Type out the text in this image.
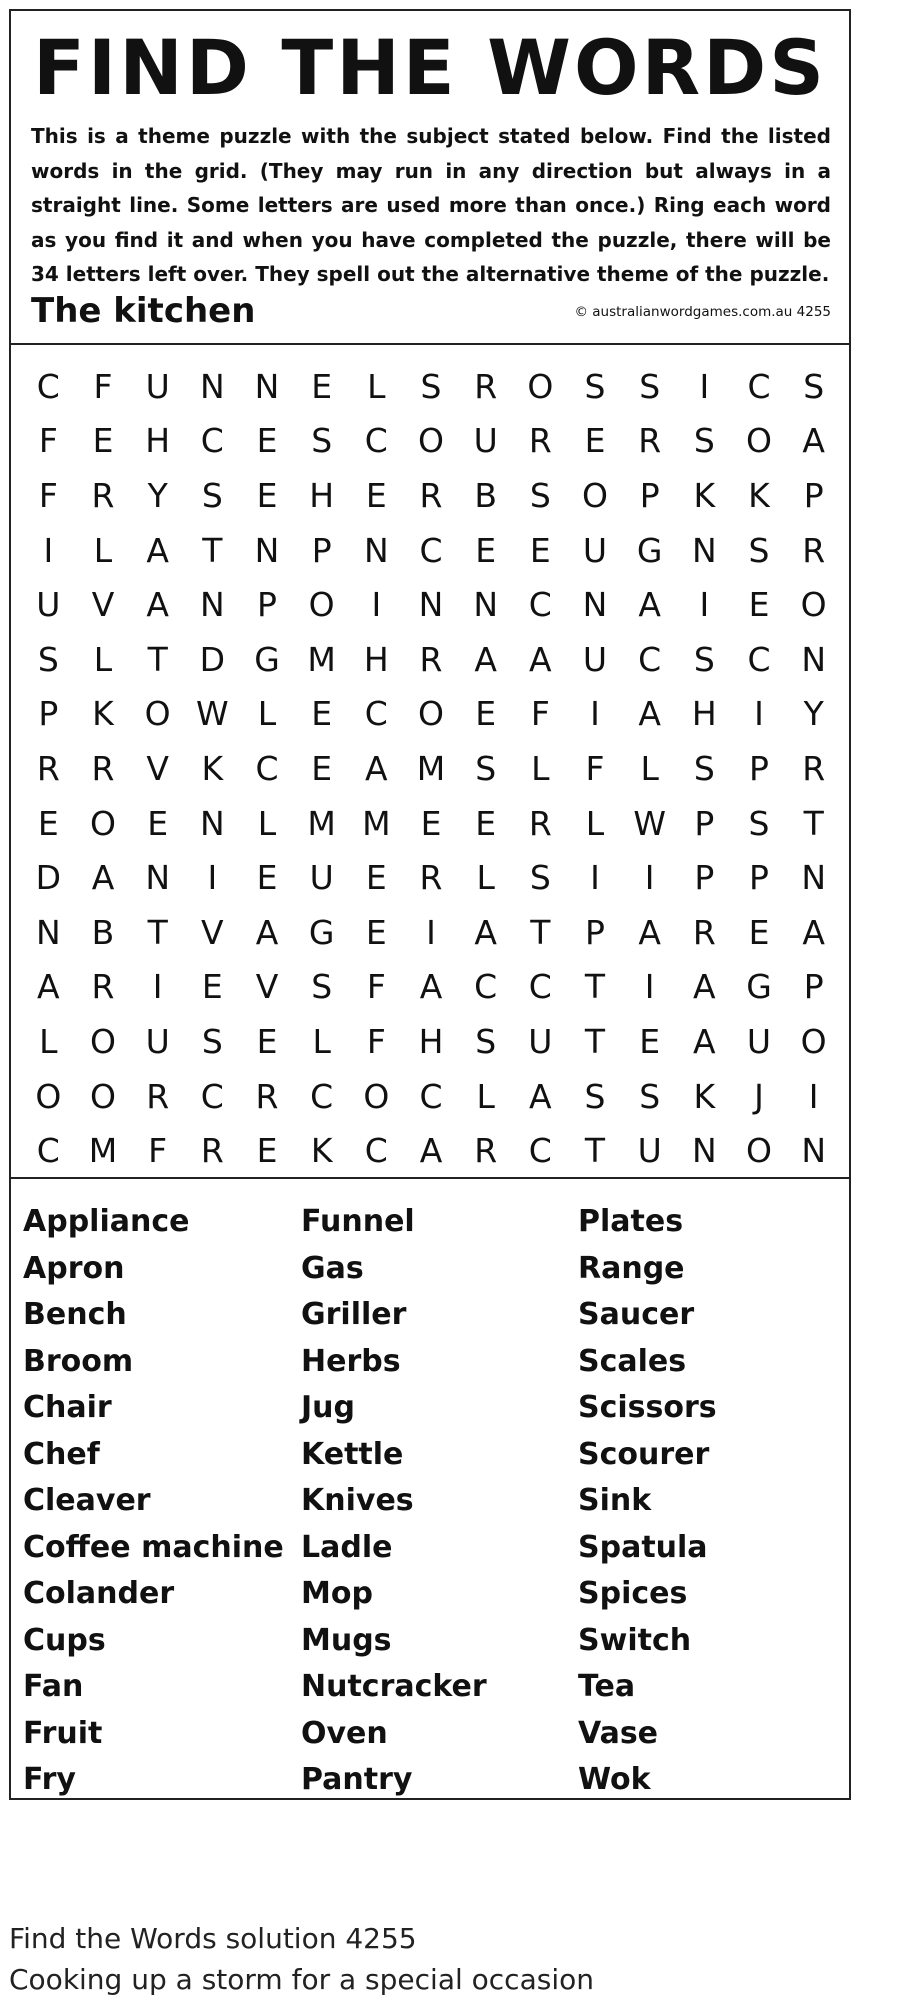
FIND THE WORDS

This is a theme puzzle with the subject stated below. Find the listed words in the grid. (They may run in any direction but always in a straight line. Some letters are used more than once.) Ring each word as you find it and when you have completed the puzzle, there will be 34 letters left over. They spell out the alternative theme of the puzzle.
© australianwordgames.com.au 4255

The kitchen
C	F	U N N E	L	S R O S	S	I	C S
F	E H C E	S C O U R E R S O A
F	R	Y	S	E H E R B S O P	K	K	P
I	L	A	T N P N C E	E U G N S R
U V A N P O	I	N N C N A	I	E O
S	L	T D G M H R A A U C S C N
P	K O W L	E C O E	F	I	A H	I	Y
R R V K C E A M S	L	F	L	S	P	R
E O E N	L M M E	E R	L W P	S	T
D A N	I	E U E R	L	S	I	I	P	P N
N B	T	V A G E	I	A	T	P	A R E A
A R	I	E V S	F	A C C	T	I	A G P
L O U S	E	L	F H S U T	E A U O
O O R C R C O C	L	A S	S	K	J	I
C M F	R E	K C A R C	T U N O N
Appliance
Apron
Bench
Broom
Chair
Chef
Cleaver
Coffee machine
Colander
Cups
Fan
Fruit
Fry
Funnel
Gas
Griller
Herbs
Jug
Kettle
Knives
Ladle
Mop
Mugs
Nutcracker
Oven
Pantry
Plates
Range
Saucer
Scales
Scissors
Scourer
Sink
Spatula
Spices
Switch
Tea
Vase
Wok
Find the Words solution 4255
Cooking up a storm for a special occasion
